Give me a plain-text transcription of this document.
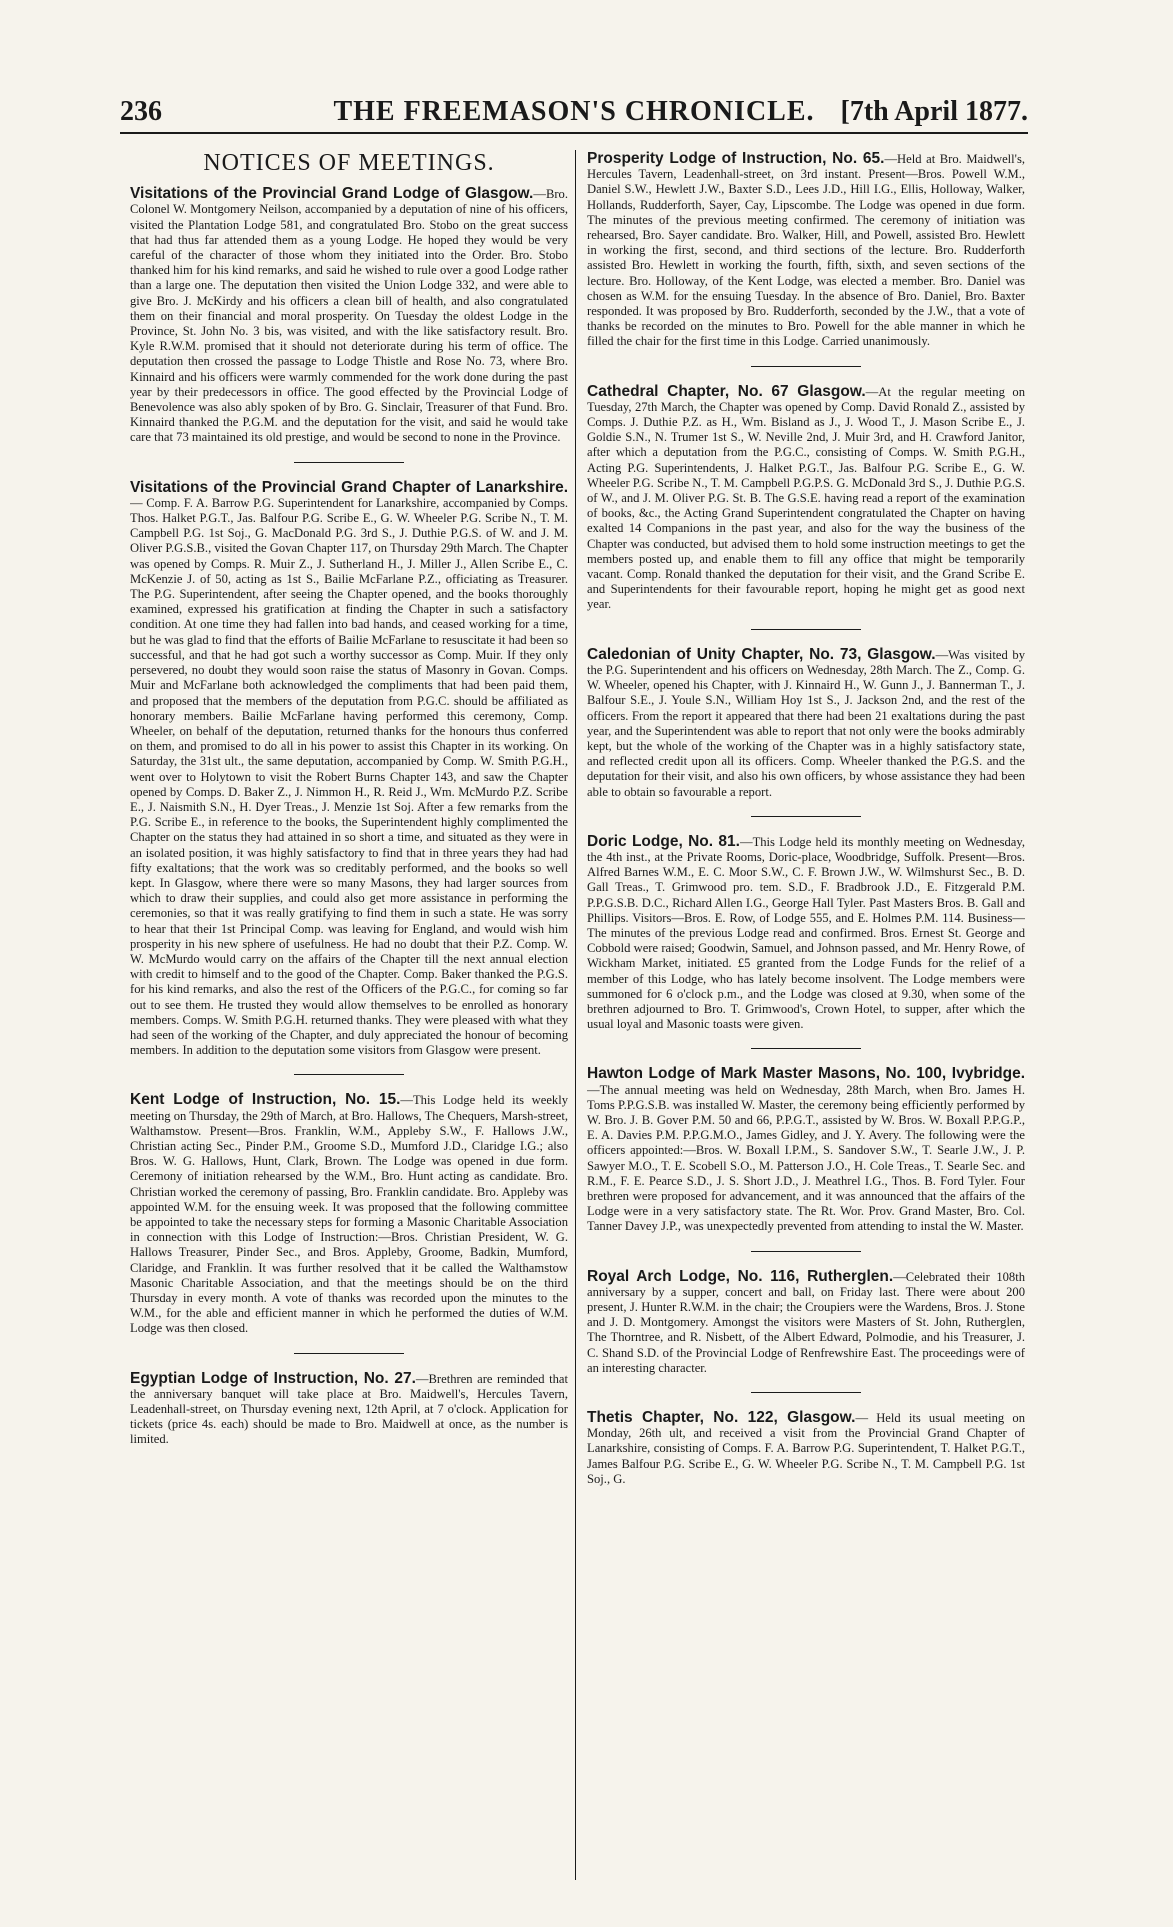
236	THE FREEMASON'S CHRONICLE. [7th April 1877.
NOTICES OF MEETINGS.

Visitations of the Provincial Grand Lodge of Glasgow.—Bro. Colonel W. Montgomery Neilson, accompanied by a deputation of nine of his officers, visited the Plantation Lodge 581, and congratulated Bro. Stobo on the great success that had thus far attended them as a young Lodge. He hoped they would be very careful of the character of those whom they initiated into the Order. Bro. Stobo thanked him for his kind remarks, and said he wished to rule over a good Lodge rather than a large one. The deputation then visited the Union Lodge 332, and were able to give Bro. J. McKirdy and his officers a clean bill of health, and also congratulated them on their financial and moral prosperity. On Tuesday the oldest Lodge in the Province, St. John No. 3 bis, was visited, and with the like satisfactory result. Bro. Kyle R.W.M. promised that it should not deteriorate during his term of office. The deputation then crossed the passage to Lodge Thistle and Rose No. 73, where Bro. Kinnaird and his officers were warmly commended for the work done during the past year by their predecessors in office. The good effected by the Provincial Lodge of Benevolence was also ably spoken of by Bro. G. Sinclair, Treasurer of that Fund. Bro. Kinnaird thanked the P.G.M. and the deputation for the visit, and said he would take care that 73 maintained its old prestige, and would be second to none in the Province.

Visitations of the Provincial Grand Chapter of Lanarkshire.— Comp. F. A. Barrow P.G. Superintendent for Lanarkshire, accompanied by Comps. Thos. Halket P.G.T., Jas. Balfour P.G. Scribe E., G. W. Wheeler P.G. Scribe N., T. M. Campbell P.G. 1st Soj., G. MacDonald P.G. 3rd S., J. Duthie P.G.S. of W. and J. M. Oliver P.G.S.B., visited the Govan Chapter 117, on Thursday 29th March. The Chapter was opened by Comps. R. Muir Z., J. Sutherland H., J. Miller J., Allen Scribe E., C. McKenzie J. of 50, acting as 1st S., Bailie McFarlane P.Z., officiating as Treasurer. The P.G. Superintendent, after seeing the Chapter opened, and the books thoroughly examined, expressed his gratification at finding the Chapter in such a satisfactory condition. At one time they had fallen into bad hands, and ceased working for a time, but he was glad to find that the efforts of Bailie McFarlane to resuscitate it had been so successful, and that he had got such a worthy successor as Comp. Muir. If they only persevered, no doubt they would soon raise the status of Masonry in Govan. Comps. Muir and McFarlane both acknowledged the compliments that had been paid them, and proposed that the members of the deputation from P.G.C. should be affiliated as honorary members. Bailie McFarlane having performed this ceremony, Comp. Wheeler, on behalf of the deputation, returned thanks for the honours thus conferred on them, and promised to do all in his power to assist this Chapter in its working. On Saturday, the 31st ult., the same deputation, accompanied by Comp. W. Smith P.G.H., went over to Holytown to visit the Robert Burns Chapter 143, and saw the Chapter opened by Comps. D. Baker Z., J. Nimmon H., R. Reid J., Wm. McMurdo P.Z. Scribe E., J. Naismith S.N., H. Dyer Treas., J. Menzie 1st Soj. After a few remarks from the P.G. Scribe E., in reference to the books, the Superintendent highly complimented the Chapter on the status they had attained in so short a time, and situated as they were in an isolated position, it was highly satisfactory to find that in three years they had had fifty exaltations; that the work was so creditably performed, and the books so well kept. In Glasgow, where there were so many Masons, they had larger sources from which to draw their supplies, and could also get more assistance in performing the ceremonies, so that it was really gratifying to find them in such a state. He was sorry to hear that their 1st Principal Comp. was leaving for England, and would wish him prosperity in his new sphere of usefulness. He had no doubt that their P.Z. Comp. W. W. McMurdo would carry on the affairs of the Chapter till the next annual election with credit to himself and to the good of the Chapter. Comp. Baker thanked the P.G.S. for his kind remarks, and also the rest of the Officers of the P.G.C., for coming so far out to see them. He trusted they would allow themselves to be enrolled as honorary members. Comps. W. Smith P.G.H. returned thanks. They were pleased with what they had seen of the working of the Chapter, and duly appreciated the honour of becoming members. In addition to the deputation some visitors from Glasgow were present.

Kent Lodge of Instruction, No. 15.—This Lodge held its weekly meeting on Thursday, the 29th of March, at Bro. Hallows, The Chequers, Marsh-street, Walthamstow. Present—Bros. Franklin, W.M., Appleby S.W., F. Hallows J.W., Christian acting Sec., Pinder P.M., Groome S.D., Mumford J.D., Claridge I.G.; also Bros. W. G. Hallows, Hunt, Clark, Brown. The Lodge was opened in due form. Ceremony of initiation rehearsed by the W.M., Bro. Hunt acting as candidate. Bro. Christian worked the ceremony of passing, Bro. Franklin candidate. Bro. Appleby was appointed W.M. for the ensuing week. It was proposed that the following committee be appointed to take the necessary steps for forming a Masonic Charitable Association in connection with this Lodge of Instruction:—Bros. Christian President, W. G. Hallows Treasurer, Pinder Sec., and Bros. Appleby, Groome, Badkin, Mumford, Claridge, and Franklin. It was further resolved that it be called the Walthamstow Masonic Charitable Association, and that the meetings should be on the third Thursday in every month. A vote of thanks was recorded upon the minutes to the W.M., for the able and efficient manner in which he performed the duties of W.M. Lodge was then closed.

Egyptian Lodge of Instruction, No. 27.—Brethren are reminded that the anniversary banquet will take place at Bro. Maidwell's, Hercules Tavern, Leadenhall-street, on Thursday evening next, 12th April, at 7 o'clock. Application for tickets (price 4s. each) should be made to Bro. Maidwell at once, as the number is limited.

Prosperity Lodge of Instruction, No. 65.—Held at Bro. Maidwell's, Hercules Tavern, Leadenhall-street, on 3rd instant. Present—Bros. Powell W.M., Daniel S.W., Hewlett J.W., Baxter S.D., Lees J.D., Hill I.G., Ellis, Holloway, Walker, Hollands, Rudderforth, Sayer, Cay, Lipscombe. The Lodge was opened in due form. The minutes of the previous meeting confirmed. The ceremony of initiation was rehearsed, Bro. Sayer candidate. Bro. Walker, Hill, and Powell, assisted Bro. Hewlett in working the first, second, and third sections of the lecture. Bro. Rudderforth assisted Bro. Hewlett in working the fourth, fifth, sixth, and seven sections of the lecture. Bro. Holloway, of the Kent Lodge, was elected a member. Bro. Daniel was chosen as W.M. for the ensuing Tuesday. In the absence of Bro. Daniel, Bro. Baxter responded. It was proposed by Bro. Rudderforth, seconded by the J.W., that a vote of thanks be recorded on the minutes to Bro. Powell for the able manner in which he filled the chair for the first time in this Lodge. Carried unanimously.

Cathedral Chapter, No. 67 Glasgow.—At the regular meeting on Tuesday, 27th March, the Chapter was opened by Comp. David Ronald Z., assisted by Comps. J. Duthie P.Z. as H., Wm. Bisland as J., J. Wood T., J. Mason Scribe E., J. Goldie S.N., N. Trumer 1st S., W. Neville 2nd, J. Muir 3rd, and H. Crawford Janitor, after which a deputation from the P.G.C., consisting of Comps. W. Smith P.G.H., Acting P.G. Superintendents, J. Halket P.G.T., Jas. Balfour P.G. Scribe E., G. W. Wheeler P.G. Scribe N., T. M. Campbell P.G.P.S. G. McDonald 3rd S., J. Duthie P.G.S. of W., and J. M. Oliver P.G. St. B. The G.S.E. having read a report of the examination of books, &c., the Acting Grand Superintendent congratulated the Chapter on having exalted 14 Companions in the past year, and also for the way the business of the Chapter was conducted, but advised them to hold some instruction meetings to get the members posted up, and enable them to fill any office that might be temporarily vacant. Comp. Ronald thanked the deputation for their visit, and the Grand Scribe E. and Superintendents for their favourable report, hoping he might get as good next year.

Caledonian of Unity Chapter, No. 73, Glasgow.—Was visited by the P.G. Superintendent and his officers on Wednesday, 28th March. The Z., Comp. G. W. Wheeler, opened his Chapter, with J. Kinnaird H., W. Gunn J., J. Bannerman T., J. Balfour S.E., J. Youle S.N., William Hoy 1st S., J. Jackson 2nd, and the rest of the officers. From the report it appeared that there had been 21 exaltations during the past year, and the Superintendent was able to report that not only were the books admirably kept, but the whole of the working of the Chapter was in a highly satisfactory state, and reflected credit upon all its officers. Comp. Wheeler thanked the P.G.S. and the deputation for their visit, and also his own officers, by whose assistance they had been able to obtain so favourable a report.

Doric Lodge, No. 81.—This Lodge held its monthly meeting on Wednesday, the 4th inst., at the Private Rooms, Doric-place, Woodbridge, Suffolk. Present—Bros. Alfred Barnes W.M., E. C. Moor S.W., C. F. Brown J.W., W. Wilmshurst Sec., B. D. Gall Treas., T. Grimwood pro. tem. S.D., F. Bradbrook J.D., E. Fitzgerald P.M. P.P.G.S.B. D.C., Richard Allen I.G., George Hall Tyler. Past Masters Bros. B. Gall and Phillips. Visitors—Bros. E. Row, of Lodge 555, and E. Holmes P.M. 114. Business—The minutes of the previous Lodge read and confirmed. Bros. Ernest St. George and Cobbold were raised; Goodwin, Samuel, and Johnson passed, and Mr. Henry Rowe, of Wickham Market, initiated. £5 granted from the Lodge Funds for the relief of a member of this Lodge, who has lately become insolvent. The Lodge members were summoned for 6 o'clock p.m., and the Lodge was closed at 9.30, when some of the brethren adjourned to Bro. T. Grimwood's, Crown Hotel, to supper, after which the usual loyal and Masonic toasts were given.

Hawton Lodge of Mark Master Masons, No. 100, Ivybridge.—The annual meeting was held on Wednesday, 28th March, when Bro. James H. Toms P.P.G.S.B. was installed W. Master, the ceremony being efficiently performed by W. Bro. J. B. Gover P.M. 50 and 66, P.P.G.T., assisted by W. Bros. W. Boxall P.P.G.P., E. A. Davies P.M. P.P.G.M.O., James Gidley, and J. Y. Avery. The following were the officers appointed:—Bros. W. Boxall I.P.M., S. Sandover S.W., T. Searle J.W., J. P. Sawyer M.O., T. E. Scobell S.O., M. Patterson J.O., H. Cole Treas., T. Searle Sec. and R.M., F. E. Pearce S.D., J. S. Short J.D., J. Meathrel I.G., Thos. B. Ford Tyler. Four brethren were proposed for advancement, and it was announced that the affairs of the Lodge were in a very satisfactory state. The Rt. Wor. Prov. Grand Master, Bro. Col. Tanner Davey J.P., was unexpectedly prevented from attending to instal the W. Master.

Royal Arch Lodge, No. 116, Rutherglen.—Celebrated their 108th anniversary by a supper, concert and ball, on Friday last. There were about 200 present, J. Hunter R.W.M. in the chair; the Croupiers were the Wardens, Bros. J. Stone and J. D. Montgomery. Amongst the visitors were Masters of St. John, Rutherglen, The Thorntree, and R. Nisbett, of the Albert Edward, Polmodie, and his Treasurer, J. C. Shand S.D. of the Provincial Lodge of Renfrewshire East. The proceedings were of an interesting character.

Thetis Chapter, No. 122, Glasgow.— Held its usual meeting on Monday, 26th ult, and received a visit from the Provincial Grand Chapter of Lanarkshire, consisting of Comps. F. A. Barrow P.G. Superintendent, T. Halket P.G.T., James Balfour P.G. Scribe E., G. W. Wheeler P.G. Scribe N., T. M. Campbell P.G. 1st Soj., G.
